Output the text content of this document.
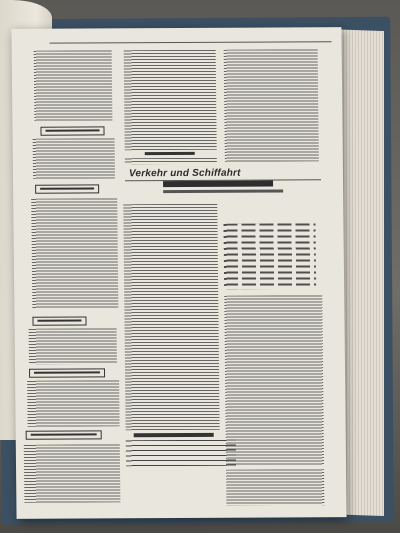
Verkehr und Schiffahrt
